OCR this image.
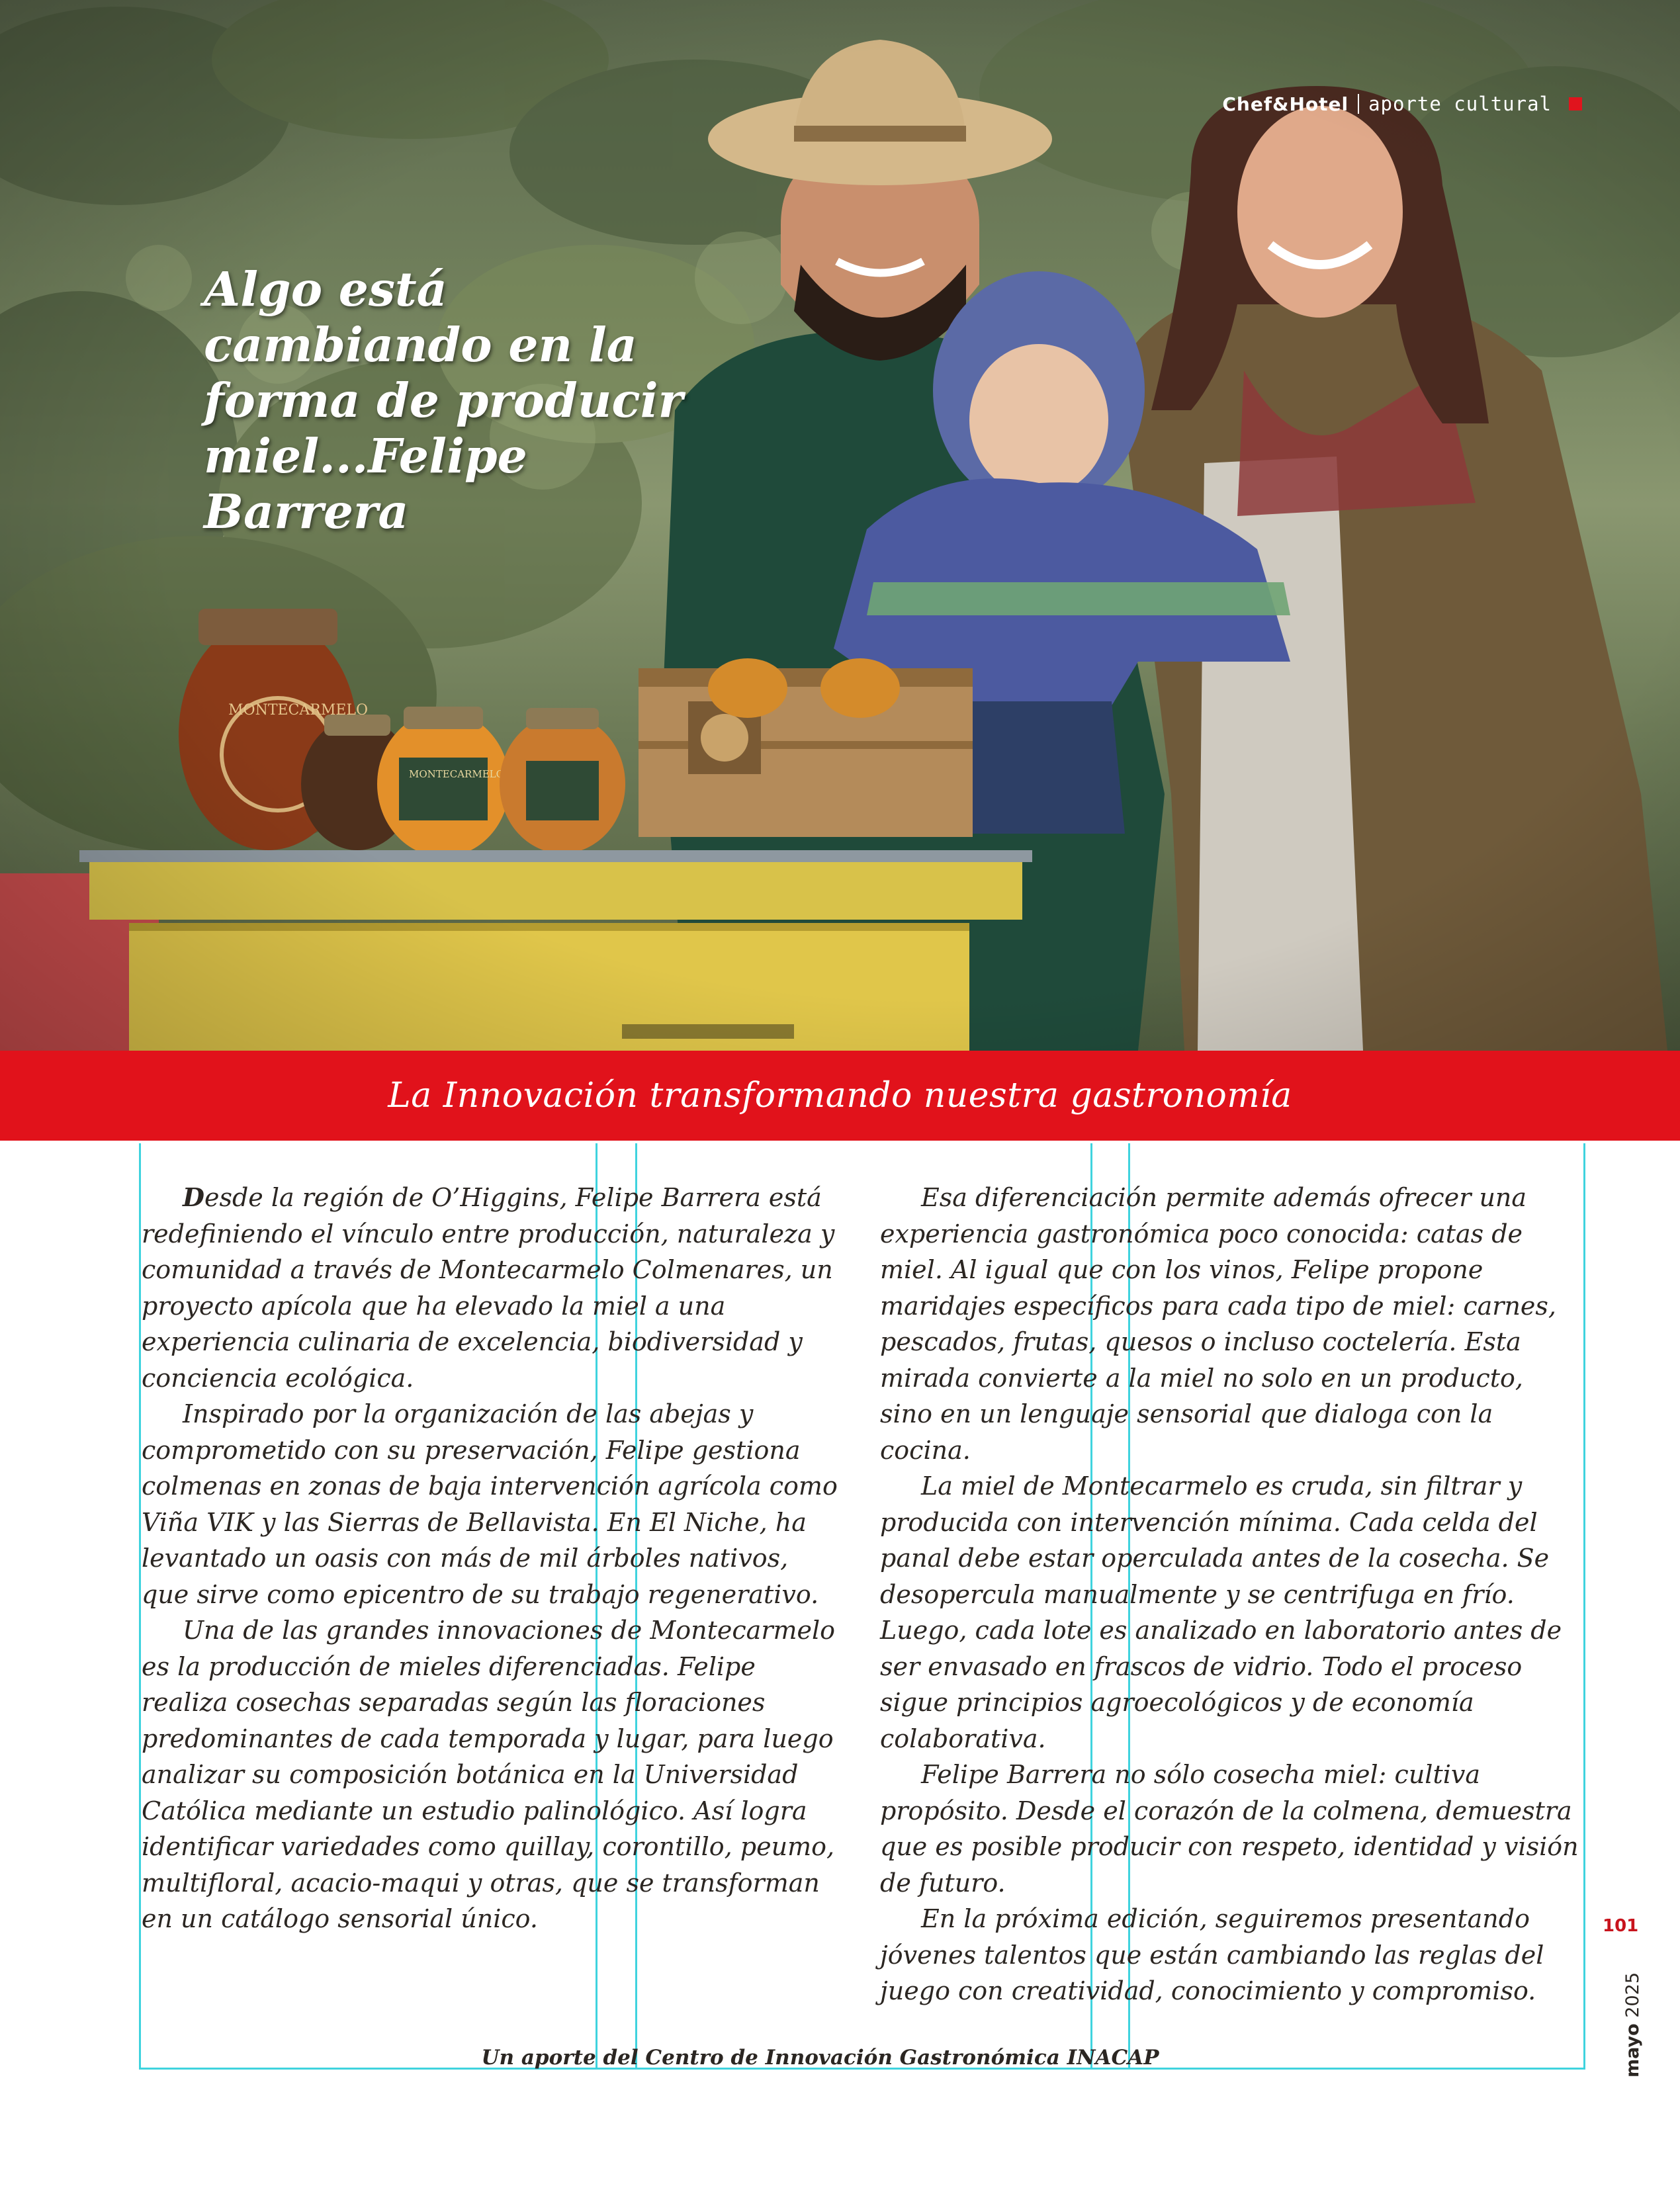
Chef&Hotel aporte cultural
Algo está cambiando en la forma de producir miel...Felipe Barrera
La Innovación transformando nuestra gastronomía

Desde la región de O’Higgins, Felipe Barrera está redefiniendo el vínculo entre producción, naturaleza y comunidad a través de Montecarmelo Colmenares, un proyecto apícola que ha elevado la miel a una experiencia culinaria de excelencia, biodiversidad y conciencia ecológica.

Inspirado por la organización de las abejas y comprometido con su preservación, Felipe gestiona colmenas en zonas de baja intervención agrícola como Viña VIK y las Sierras de Bellavista. En El Niche, ha levantado un oasis con más de mil árboles nativos, que sirve como epicentro de su trabajo regenerativo.

Una de las grandes innovaciones de Montecarmelo es la producción de mieles diferenciadas. Felipe realiza cosechas separadas según las floraciones predominantes de cada temporada y lugar, para luego analizar su composición botánica en la Universidad Católica mediante un estudio palinológico. Así logra identificar variedades como quillay, corontillo, peumo, multifloral, acacio-maqui y otras, que se transforman en un catálogo sensorial único.

Esa diferenciación permite además ofrecer una experiencia gastronómica poco conocida: catas de miel. Al igual que con los vinos, Felipe propone maridajes específicos para cada tipo de miel: carnes, pescados, frutas, quesos o incluso coctelería. Esta mirada convierte a la miel no solo en un producto, sino en un lenguaje sensorial que dialoga con la cocina.

La miel de Montecarmelo es cruda, sin filtrar y producida con intervención mínima. Cada celda del panal debe estar operculada antes de la cosecha. Se desopercula manualmente y se centrifuga en frío. Luego, cada lote es analizado en laboratorio antes de ser envasado en frascos de vidrio. Todo el proceso sigue principios agroecológicos y de economía colaborativa.

Felipe Barrera no sólo cosecha miel: cultiva propósito. Desde el corazón de la colmena, demuestra que es posible producir con respeto, identidad y visión de futuro.

En la próxima edición, seguiremos presentando jóvenes talentos que están cambiando las reglas del juego con creatividad, conocimiento y compromiso.

Un aporte del Centro de Innovación Gastronómica INACAP
101
mayo 2025
